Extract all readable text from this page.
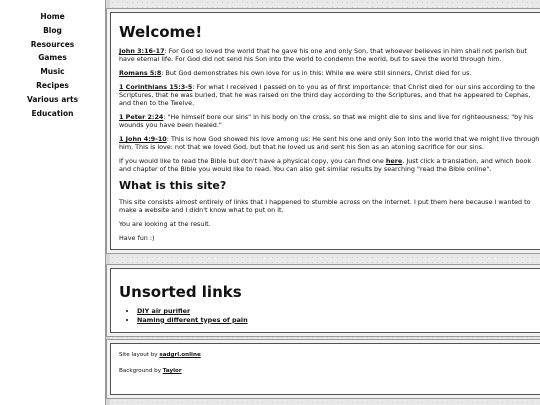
Home
Blog
Resources
Games
Music
Recipes
Various arts
Education
Welcome!

John 3:16-17: For God so loved the world that he gave his one and only Son, that whoever believes in him shall not perish but have eternal life. For God did not send his Son into the world to condemn the world, but to save the world through him.

Romans 5:8: But God demonstrates his own love for us in this: While we were still sinners, Christ died for us.

1 Corinthians 15:3-5: For what I received I passed on to you as of first importance: that Christ died for our sins according to the Scriptures, that he was buried, that he was raised on the third day according to the Scriptures, and that he appeared to Cephas, and then to the Twelve.

1 Peter 2:24: "He himself bore our sins" in his body on the cross, so that we might die to sins and live for righteousness; "by his wounds you have been healed."

1 John 4:9-10: This is how God showed his love among us: He sent his one and only Son into the world that we might live through him. This is love: not that we loved God, but that he loved us and sent his Son as an atoning sacrifice for our sins.

If you would like to read the Bible but don't have a physical copy, you can find one here. Just click a translation, and which book and chapter of the Bible you would like to read. You can also get similar results by searching "read the Bible online".

What is this site?

This site consists almost entirely of links that I happened to stumble across on the internet. I put them here because I wanted to make a website and I didn't know what to put on it.

You are looking at the result.

Have fun :)

Unsorted links
• DIY air purifier
• Naming different types of pain

Site layout by sadgrl.online

Background by Taylor
